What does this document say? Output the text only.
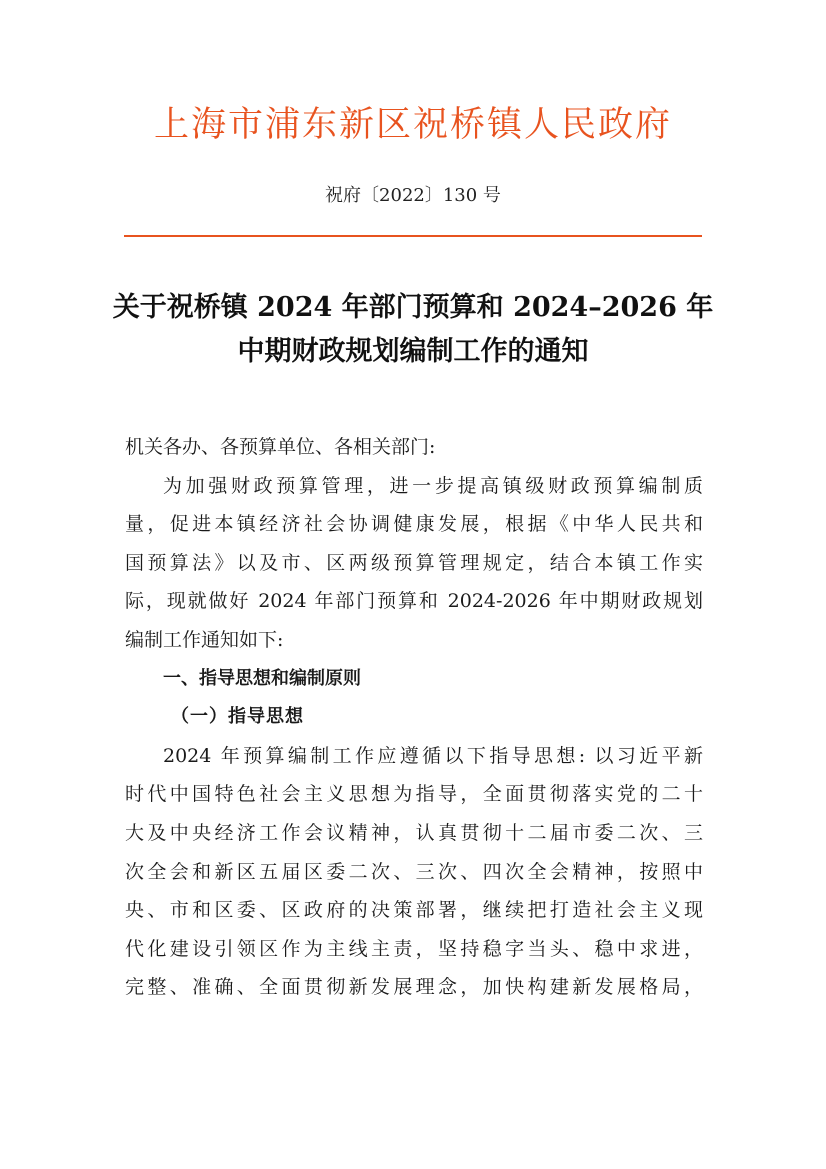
上海市浦东新区祝桥镇人民政府
祝府〔2022〕130 号
关于祝桥镇 2024 年部门预算和 2024–2026 年
中期财政规划编制工作的通知
机关各办、各预算单位、各相关部门:
为加强财政预算管理，进一步提高镇级财政预算编制质
量，促进本镇经济社会协调健康发展，根据《中华人民共和
国预算法》以及市、区两级预算管理规定，结合本镇工作实
际，现就做好 2024 年部门预算和 2024-2026 年中期财政规划
编制工作通知如下:
一、指导思想和编制原则
（一）指导思想
2024 年预算编制工作应遵循以下指导思想: 以习近平新
时代中国特色社会主义思想为指导，全面贯彻落实党的二十
大及中央经济工作会议精神，认真贯彻十二届市委二次、三
次全会和新区五届区委二次、三次、四次全会精神，按照中
央、市和区委、区政府的决策部署，继续把打造社会主义现
代化建设引领区作为主线主责，坚持稳字当头、稳中求进，
完整、准确、全面贯彻新发展理念，加快构建新发展格局，
